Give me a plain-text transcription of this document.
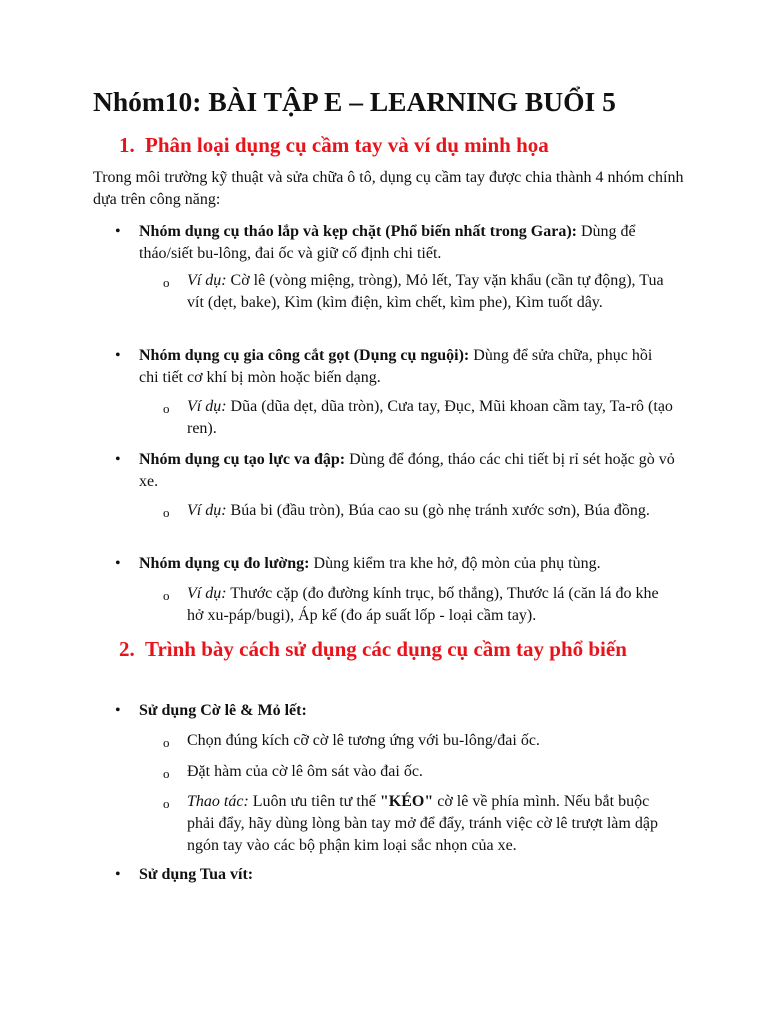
Nhóm10: BÀI TẬP E – LEARNING BUỔI 5
1. Phân loại dụng cụ cầm tay và ví dụ minh họa

Trong môi trường kỹ thuật và sửa chữa ô tô, dụng cụ cầm tay được chia thành 4 nhóm chính dựa trên công năng:

• Nhóm dụng cụ tháo lắp và kẹp chặt (Phổ biến nhất trong Gara): Dùng để tháo/siết bu-lông, đai ốc và giữ cố định chi tiết.
o Ví dụ: Cờ lê (vòng miệng, tròng), Mỏ lết, Tay vặn khẩu (cần tự động), Tua vít (dẹt, bake), Kìm (kìm điện, kìm chết, kìm phe), Kìm tuốt dây.
• Nhóm dụng cụ gia công cắt gọt (Dụng cụ nguội): Dùng để sửa chữa, phục hồi chi tiết cơ khí bị mòn hoặc biến dạng.
o Ví dụ: Dũa (dũa dẹt, dũa tròn), Cưa tay, Đục, Mũi khoan cầm tay, Ta-rô (tạo ren).
• Nhóm dụng cụ tạo lực va đập: Dùng để đóng, tháo các chi tiết bị rỉ sét hoặc gò vỏ xe.
o Ví dụ: Búa bi (đầu tròn), Búa cao su (gò nhẹ tránh xước sơn), Búa đồng.
• Nhóm dụng cụ đo lường: Dùng kiểm tra khe hở, độ mòn của phụ tùng.
o Ví dụ: Thước cặp (đo đường kính trục, bố thắng), Thước lá (căn lá đo khe hở xu-páp/bugi), Áp kế (đo áp suất lốp - loại cầm tay).
2. Trình bày cách sử dụng các dụng cụ cầm tay phổ biến
• Sử dụng Cờ lê & Mỏ lết:
o Chọn đúng kích cỡ cờ lê tương ứng với bu-lông/đai ốc.
o Đặt hàm của cờ lê ôm sát vào đai ốc.
o Thao tác: Luôn ưu tiên tư thế "KÉO" cờ lê về phía mình. Nếu bắt buộc phải đẩy, hãy dùng lòng bàn tay mở để đẩy, tránh việc cờ lê trượt làm dập ngón tay vào các bộ phận kim loại sắc nhọn của xe.
• Sử dụng Tua vít:
